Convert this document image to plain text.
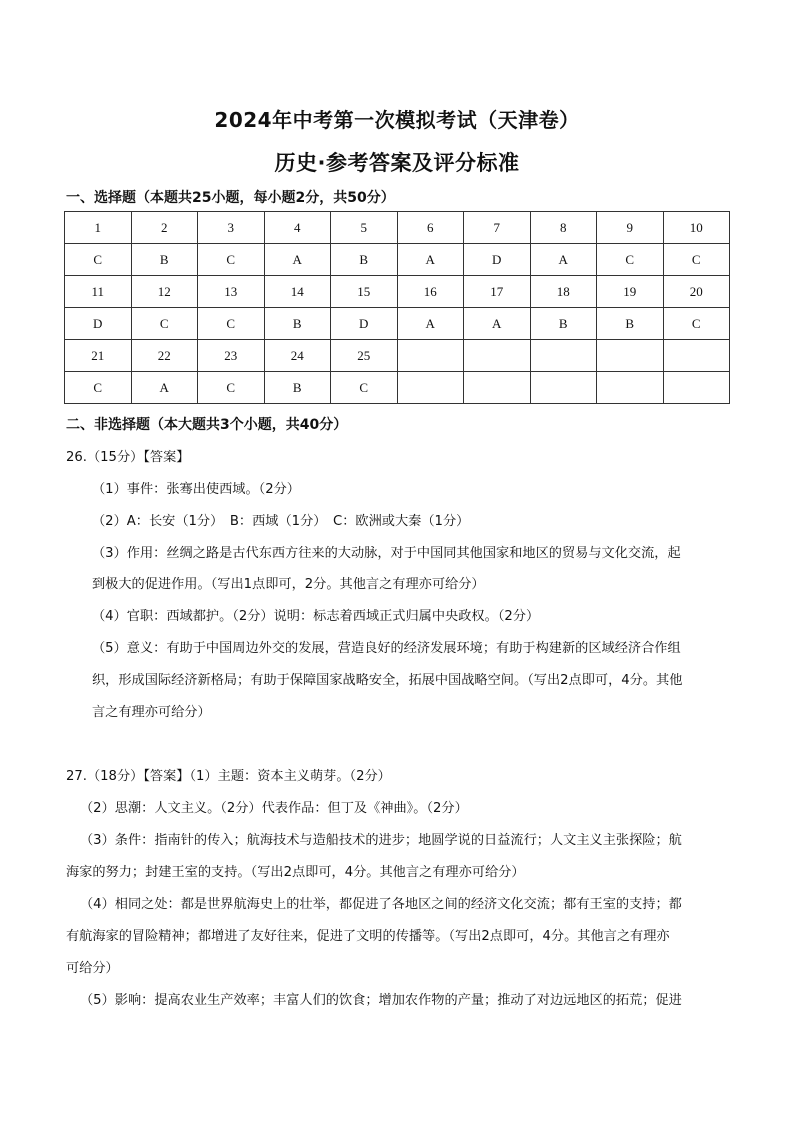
2024年中考第一次模拟考试（天津卷）
历史·参考答案及评分标准
一、选择题（本题共25小题，每小题2分，共50分）
1	2	3	4	5	6	7	8	9	10
C	B	C	A	B	A	D	A	C	C
11	12	13	14	15	16	17	18	19	20
D	C	C	B	D	A	A	B	B	C
21	22	23	24	25					
C	A	C	B	C					
二、非选择题（本大题共3个小题，共40分）
26.（15分）【答案】
（1）事件：张骞出使西域。（2分）
（2）A：长安（1分）　B：西域（1分）　C：欧洲或大秦（1分）
（3）作用：丝绸之路是古代东西方往来的大动脉，对于中国同其他国家和地区的贸易与文化交流，起
到极大的促进作用。（写出1点即可，2分。其他言之有理亦可给分）
（4）官职：西域都护。（2分）说明：标志着西域正式归属中央政权。（2分）
（5）意义：有助于中国周边外交的发展，营造良好的经济发展环境；有助于构建新的区域经济合作组
织，形成国际经济新格局；有助于保障国家战略安全，拓展中国战略空间。（写出2点即可，4分。其他
言之有理亦可给分）
27.（18分）【答案】（1）主题：资本主义萌芽。（2分）
（2）思潮：人文主义。（2分）代表作品：但丁及《神曲》。（2分）
（3）条件：指南针的传入；航海技术与造船技术的进步；地圆学说的日益流行；人文主义主张探险；航
海家的努力；封建王室的支持。（写出2点即可，4分。其他言之有理亦可给分）
（4）相同之处：都是世界航海史上的壮举，都促进了各地区之间的经济文化交流；都有王室的支持；都
有航海家的冒险精神；都增进了友好往来，促进了文明的传播等。（写出2点即可，4分。其他言之有理亦
可给分）
（5）影响：提高农业生产效率；丰富人们的饮食；增加农作物的产量；推动了对边远地区的拓荒；促进
